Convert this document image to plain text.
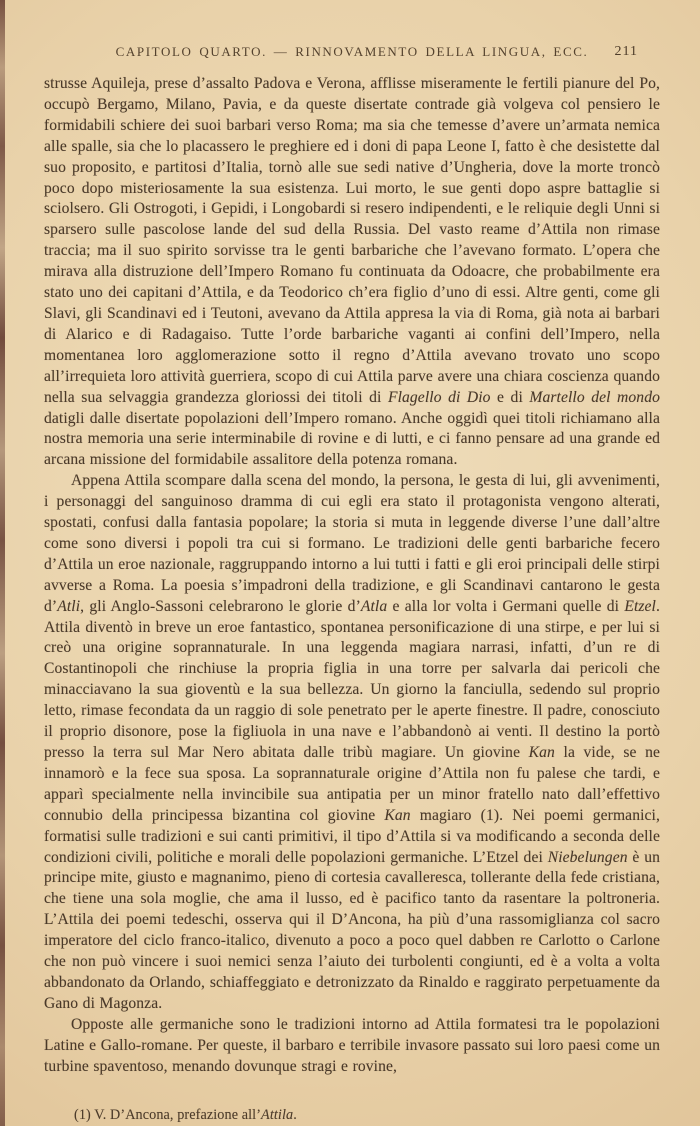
CAPITOLO QUARTO. — RINNOVAMENTO DELLA LINGUA, ECC. 211

strusse Aquileja, prese d’assalto Padova e Verona, afflisse miseramente le fertili pianure del Po, occupò Bergamo, Milano, Pavia, e da queste disertate contrade già volgeva col pensiero le formidabili schiere dei suoi barbari verso Roma; ma sia che temesse d’avere un’armata nemica alle spalle, sia che lo placassero le preghiere ed i doni di papa Leone I, fatto è che desistette dal suo proposito, e partitosi d’Italia, tornò alle sue sedi native d’Ungheria, dove la morte troncò poco dopo misteriosamente la sua esistenza. Lui morto, le sue genti dopo aspre battaglie si sciolsero. Gli Ostrogoti, i Gepidi, i Longobardi si resero indipendenti, e le reliquie degli Unni si sparsero sulle pascolose lande del sud della Russia. Del vasto reame d’Attila non rimase traccia; ma il suo spirito sorvisse tra le genti barbariche che l’avevano formato. L’opera che mirava alla distruzione dell’Impero Romano fu continuata da Odoacre, che probabilmente era stato uno dei capitani d’Attila, e da Teodorico ch’era figlio d’uno di essi. Altre genti, come gli Slavi, gli Scandinavi ed i Teutoni, avevano da Attila appresa la via di Roma, già nota ai barbari di Alarico e di Radagaiso. Tutte l’orde barbariche vaganti ai confini dell’Impero, nella momentanea loro agglomerazione sotto il regno d’Attila avevano trovato uno scopo all’irrequieta loro attività guerriera, scopo di cui Attila parve avere una chiara coscienza quando nella sua selvaggia grandezza gloriossi dei titoli di Flagello di Dio e di Martello del mondo datigli dalle disertate popolazioni dell’Impero romano. Anche oggidì quei titoli richiamano alla nostra memoria una serie interminabile di rovine e di lutti, e ci fanno pensare ad una grande ed arcana missione del formidabile assalitore della potenza romana.

Appena Attila scompare dalla scena del mondo, la persona, le gesta di lui, gli avvenimenti, i personaggi del sanguinoso dramma di cui egli era stato il protagonista vengono alterati, spostati, confusi dalla fantasia popolare; la storia si muta in leggende diverse l’une dall’altre come sono diversi i popoli tra cui si formano. Le tradizioni delle genti barbariche fecero d’Attila un eroe nazionale, raggruppando intorno a lui tutti i fatti e gli eroi principali delle stirpi avverse a Roma. La poesia s’impadroni della tradizione, e gli Scandinavi cantarono le gesta d’Atli, gli Anglo-Sassoni celebrarono le glorie d’Atla e alla lor volta i Germani quelle di Etzel. Attila diventò in breve un eroe fantastico, spontanea personificazione di una stirpe, e per lui si creò una origine soprannaturale. In una leggenda magiara narrasi, infatti, d’un re di Costantinopoli che rinchiuse la propria figlia in una torre per salvarla dai pericoli che minacciavano la sua gioventù e la sua bellezza. Un giorno la fanciulla, sedendo sul proprio letto, rimase fecondata da un raggio di sole penetrato per le aperte finestre. Il padre, conosciuto il proprio disonore, pose la figliuola in una nave e l’abbandonò ai venti. Il destino la portò presso la terra sul Mar Nero abitata dalle tribù magiare. Un giovine Kan la vide, se ne innamorò e la fece sua sposa. La soprannaturale origine d’Attila non fu palese che tardi, e apparì specialmente nella invincibile sua antipatia per un minor fratello nato dall’effettivo connubio della principessa bizantina col giovine Kan magiaro (1). Nei poemi germanici, formatisi sulle tradizioni e sui canti primitivi, il tipo d’Attila si va modificando a seconda delle condizioni civili, politiche e morali delle popolazioni germaniche. L’Etzel dei Niebelungen è un principe mite, giusto e magnanimo, pieno di cortesia cavalleresca, tollerante della fede cristiana, che tiene una sola moglie, che ama il lusso, ed è pacifico tanto da rasentare la poltroneria. L’Attila dei poemi tedeschi, osserva qui il D’Ancona, ha più d’una rassomiglianza col sacro imperatore del ciclo franco-italico, divenuto a poco a poco quel dabben re Carlotto o Carlone che non può vincere i suoi nemici senza l’aiuto dei turbolenti congiunti, ed è a volta a volta abbandonato da Orlando, schiaffeggiato e detronizzato da Rinaldo e raggirato perpetuamente da Gano di Magonza.

Opposte alle germaniche sono le tradizioni intorno ad Attila formatesi tra le popolazioni Latine e Gallo-romane. Per queste, il barbaro e terribile invasore passato sui loro paesi come un turbine spaventoso, menando dovunque stragi e rovine,

(1) V. D’Ancona, prefazione all’Attila.
